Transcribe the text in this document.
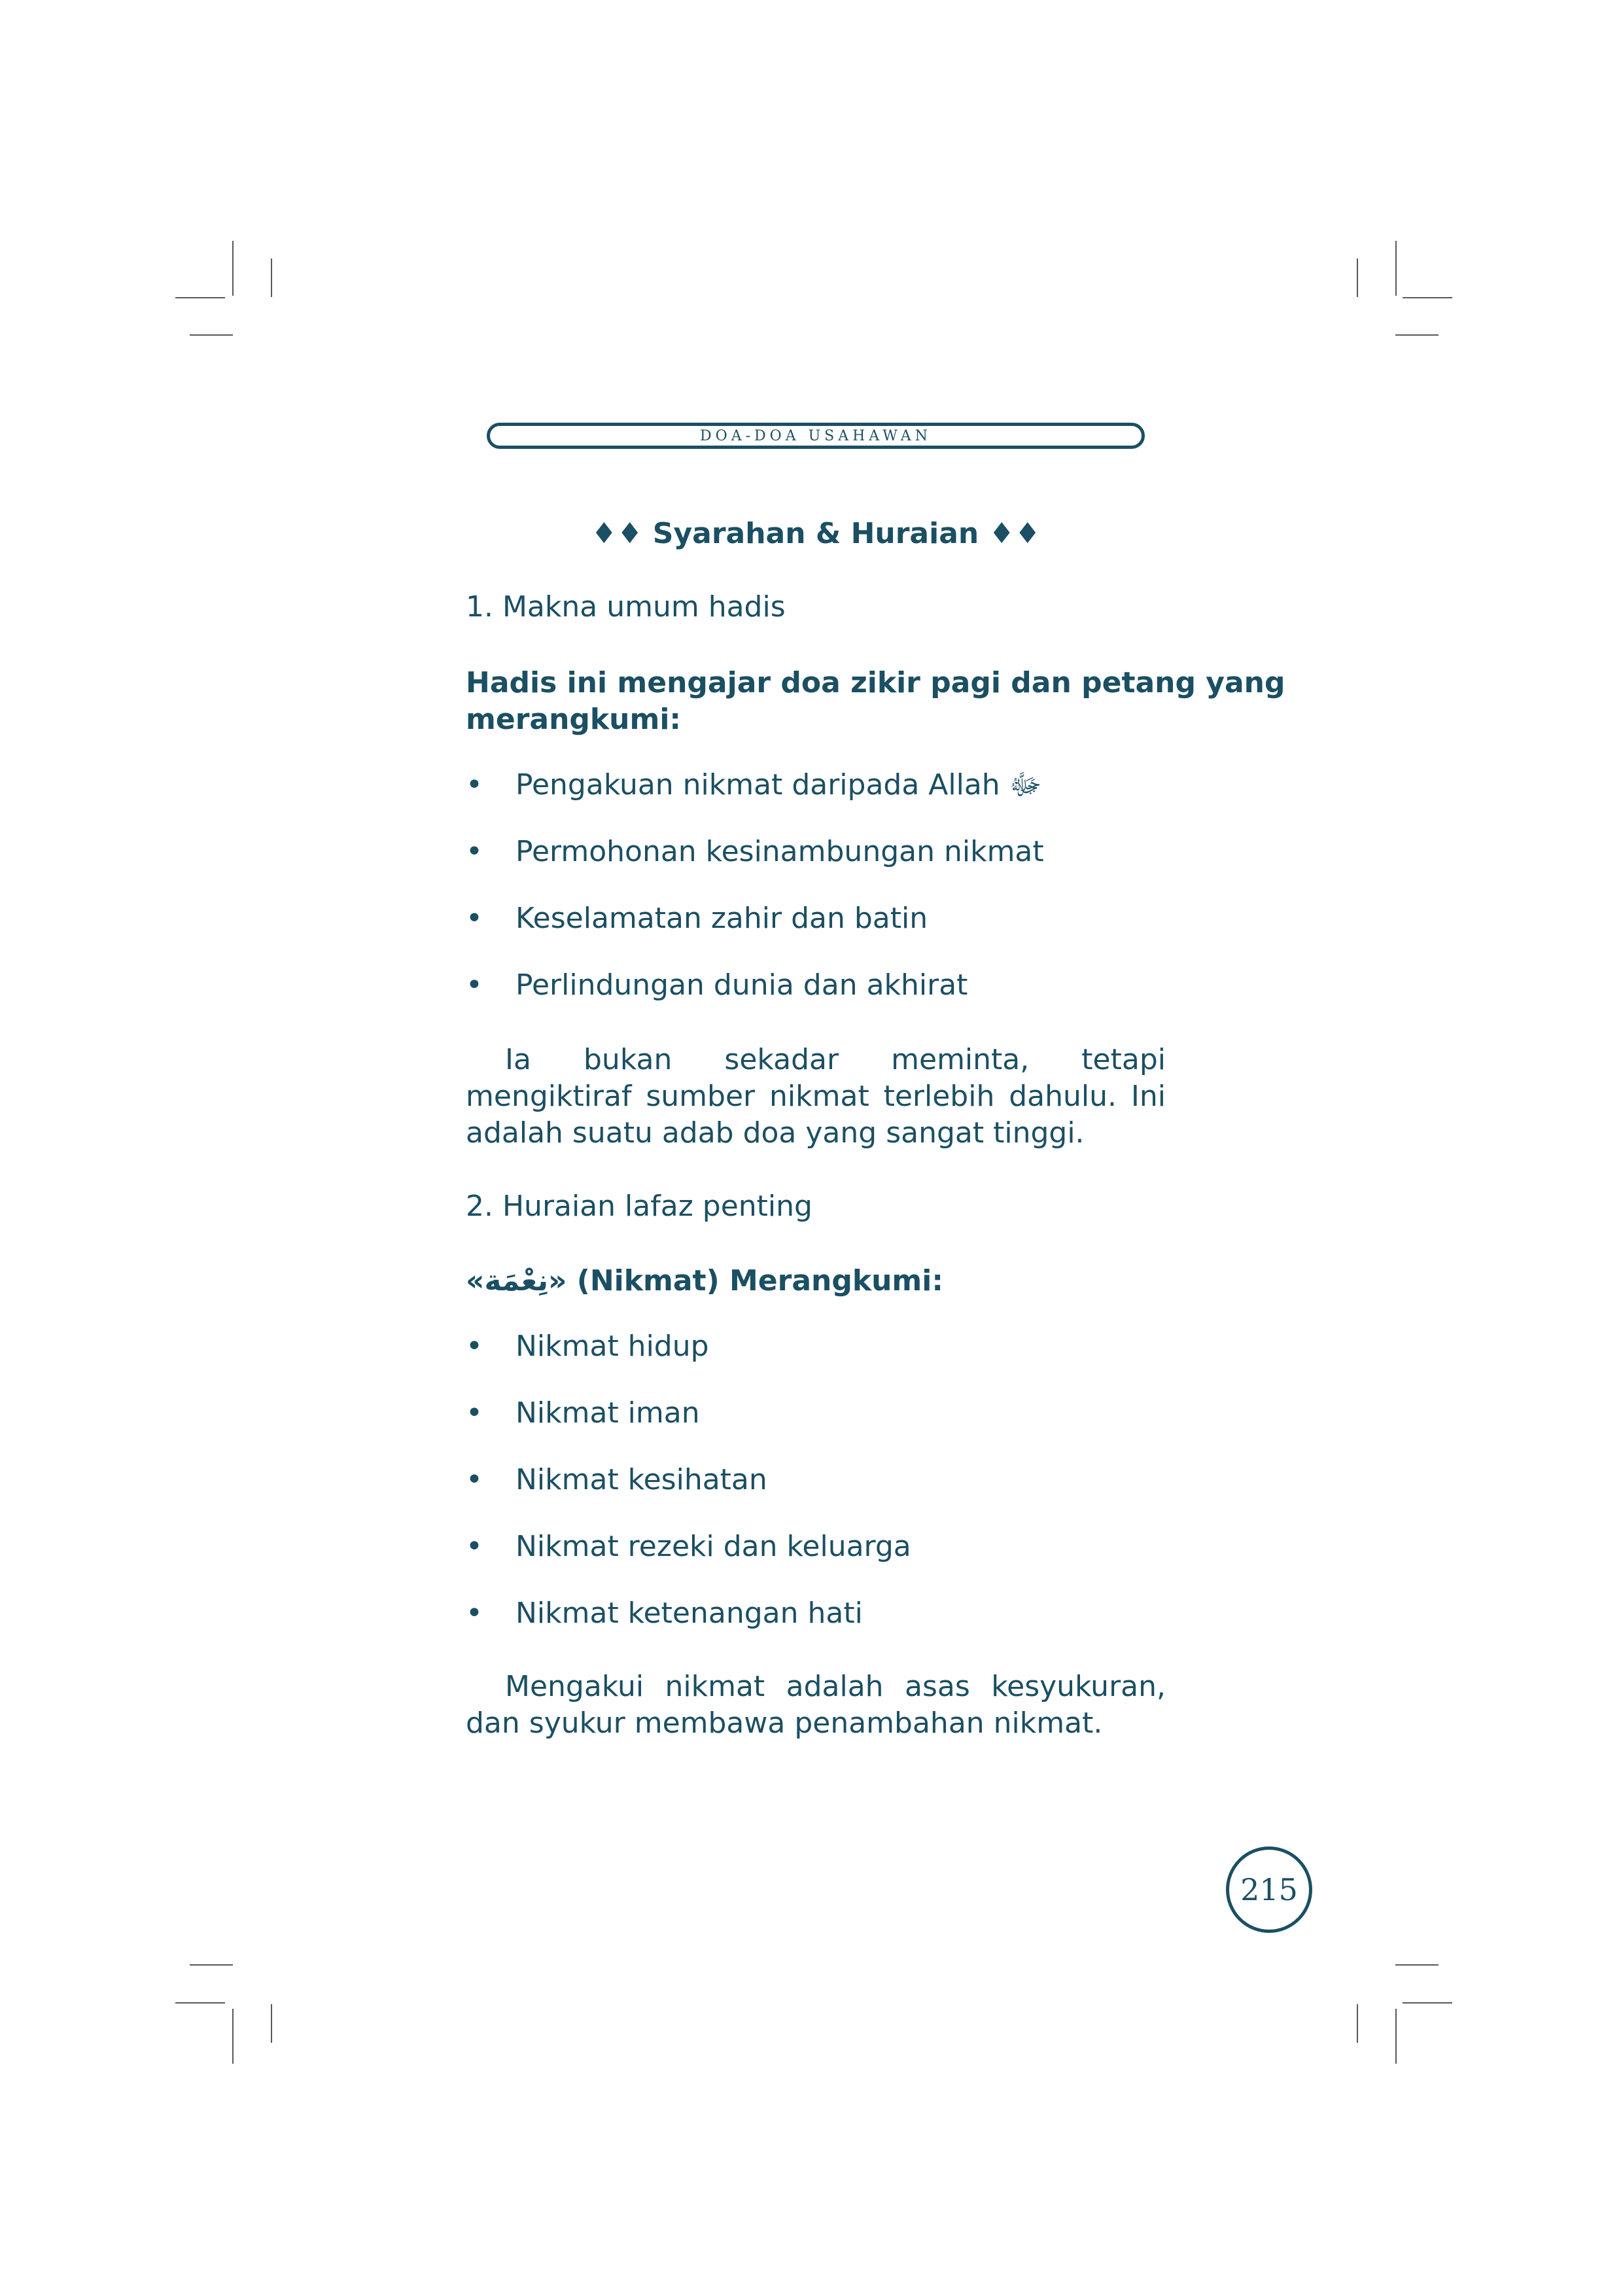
DOA-DOA USAHAWAN
♦♦ Syarahan & Huraian ♦♦
1. Makna umum hadis
Hadis ini mengajar doa zikir pagi dan petang yang
merangkumi:
• Pengakuan nikmat daripada Allah ﷻ
• Permohonan kesinambungan nikmat
• Keselamatan zahir dan batin
• Perlindungan dunia dan akhirat
Ia bukan sekadar meminta, tetapi mengiktiraf sumber nikmat terlebih dahulu. Ini adalah suatu adab doa yang sangat tinggi.
2. Huraian lafaz penting
«نِعْمَة» (Nikmat) Merangkumi:
• Nikmat hidup
• Nikmat iman
• Nikmat kesihatan
• Nikmat rezeki dan keluarga
• Nikmat ketenangan hati
Mengakui nikmat adalah asas kesyukuran, dan syukur membawa penambahan nikmat.
215
